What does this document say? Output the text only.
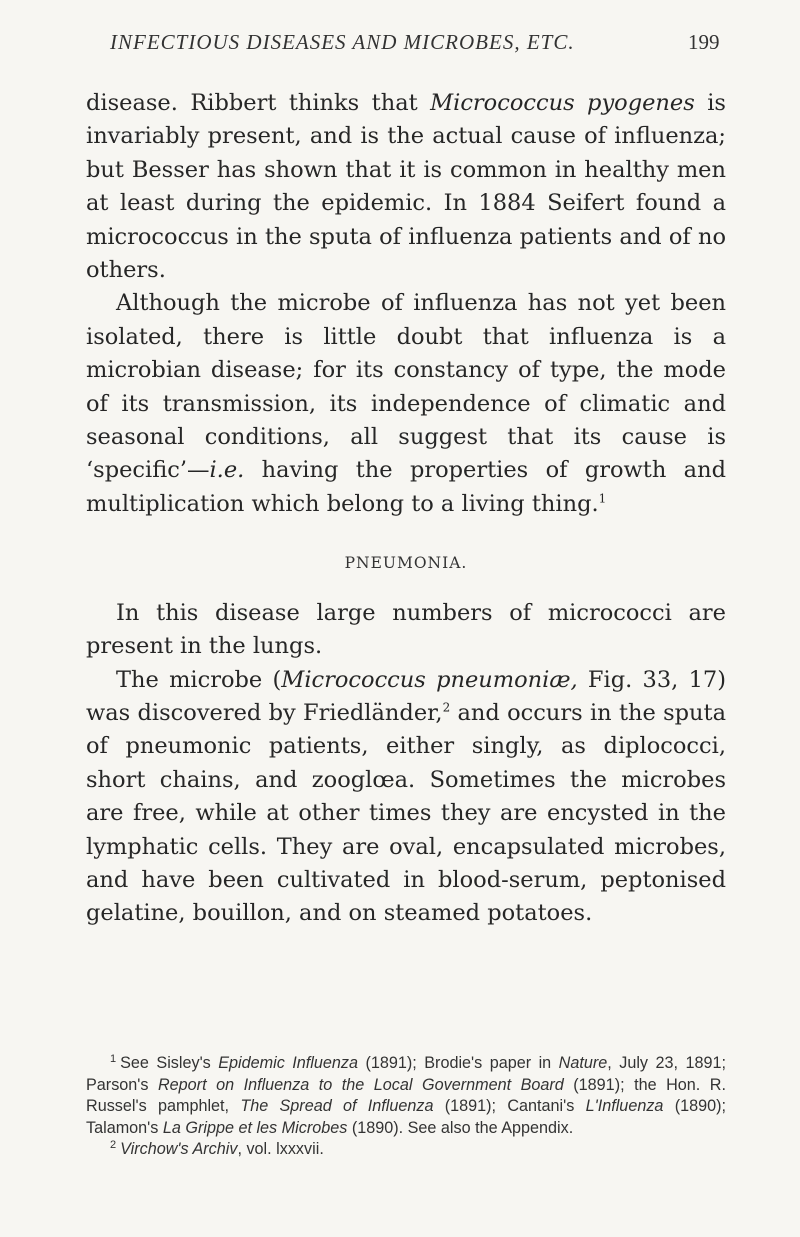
INFECTIOUS DISEASES AND MICROBES, ETC.	199

disease. Ribbert thinks that Micrococcus pyogenes is invariably present, and is the actual cause of influenza; but Besser has shown that it is common in healthy men at least during the epidemic. In 1884 Seifert found a micrococcus in the sputa of influenza patients and of no others.

Although the microbe of influenza has not yet been isolated, there is little doubt that influenza is a microbian disease; for its constancy of type, the mode of its transmission, its independence of climatic and seasonal conditions, all suggest that its cause is ‘specific’—i.e. having the properties of growth and multiplication which belong to a living thing.$^1$

PNEUMONIA.

In this disease large numbers of micrococci are present in the lungs.

The microbe (Micrococcus pneumoniæ, Fig. 33, 17) was discovered by Friedländer,$^2$ and occurs in the sputa of pneumonic patients, either singly, as diplococci, short chains, and zooglœa. Sometimes the microbes are free, while at other times they are encysted in the lymphatic cells. They are oval, encapsulated microbes, and have been cultivated in blood-serum, peptonised gelatine, bouillon, and on steamed potatoes.

$^1$ See Sisley's Epidemic Influenza (1891); Brodie's paper in Nature, July 23, 1891; Parson's Report on Influenza to the Local Government Board (1891); the Hon. R. Russel's pamphlet, The Spread of Influenza (1891); Cantani's L'Influenza (1890); Talamon's La Grippe et les Microbes (1890). See also the Appendix.

$^2$ Virchow's Archiv, vol. lxxxvii.
